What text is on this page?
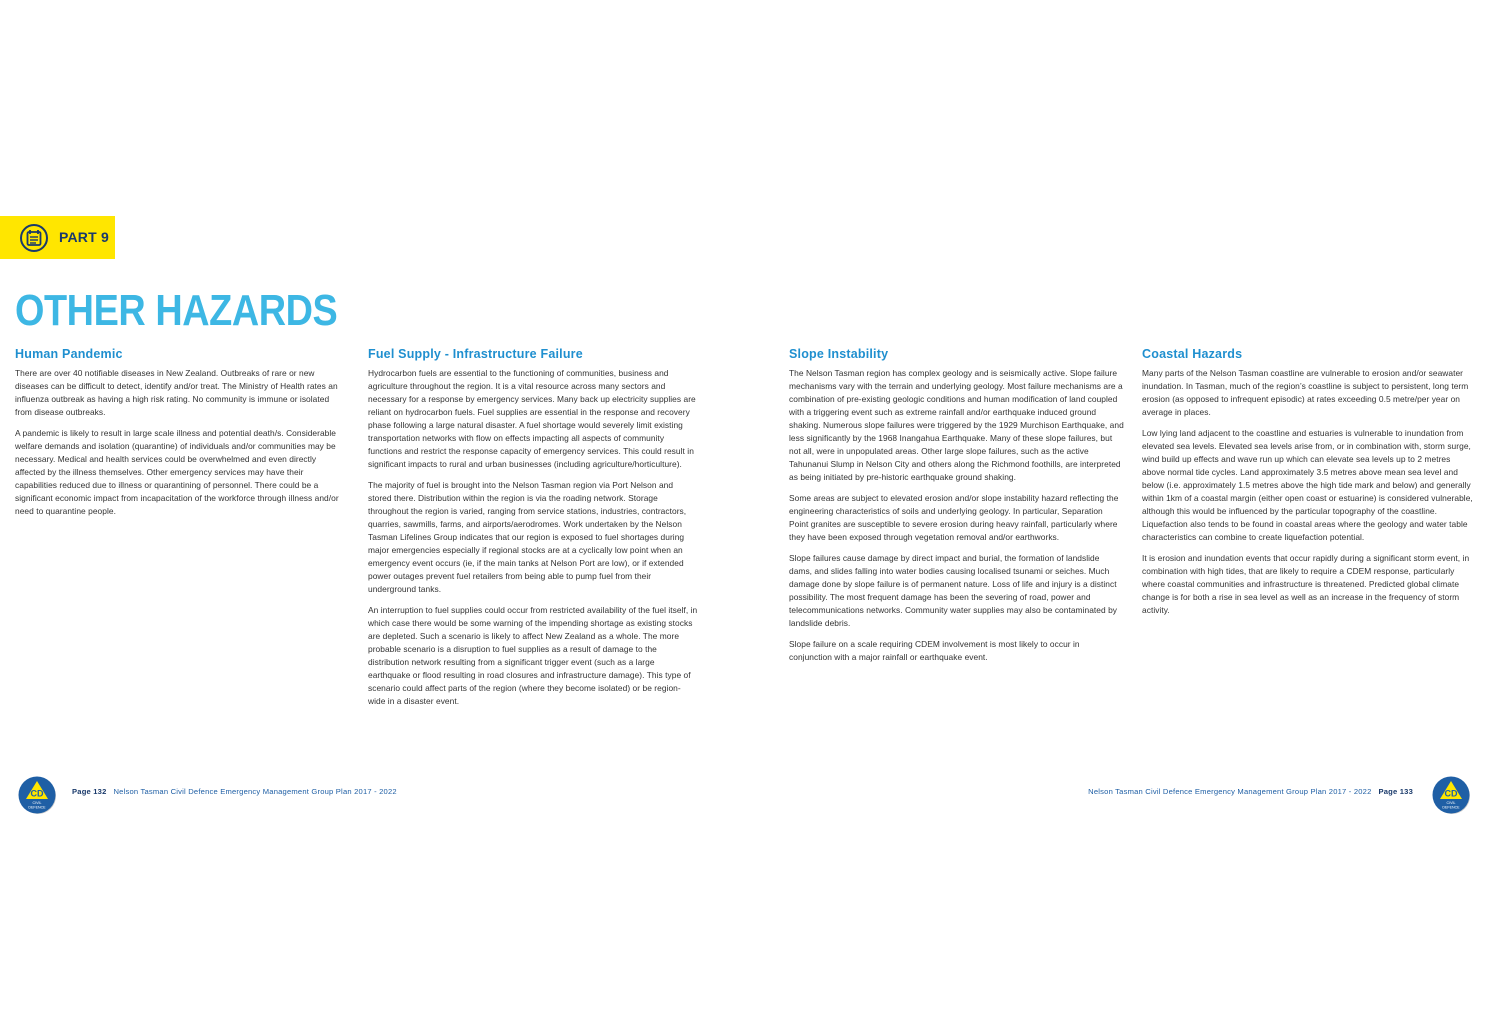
PART 9
OTHER HAZARDS
Human Pandemic

There are over 40 notifiable diseases in New Zealand. Outbreaks of rare or new diseases can be difficult to detect, identify and/or treat. The Ministry of Health rates an influenza outbreak as having a high risk rating. No community is immune or isolated from disease outbreaks.

A pandemic is likely to result in large scale illness and potential death/s. Considerable welfare demands and isolation (quarantine) of individuals and/or communities may be necessary. Medical and health services could be overwhelmed and even directly affected by the illness themselves. Other emergency services may have their capabilities reduced due to illness or quarantining of personnel. There could be a significant economic impact from incapacitation of the workforce through illness and/or need to quarantine people.

Fuel Supply - Infrastructure Failure

Hydrocarbon fuels are essential to the functioning of communities, business and agriculture throughout the region. It is a vital resource across many sectors and necessary for a response by emergency services. Many back up electricity supplies are reliant on hydrocarbon fuels. Fuel supplies are essential in the response and recovery phase following a large natural disaster. A fuel shortage would severely limit existing transportation networks with flow on effects impacting all aspects of community functions and restrict the response capacity of emergency services. This could result in significant impacts to rural and urban businesses (including agriculture/horticulture).

The majority of fuel is brought into the Nelson Tasman region via Port Nelson and stored there. Distribution within the region is via the roading network. Storage throughout the region is varied, ranging from service stations, industries, contractors, quarries, sawmills, farms, and airports/aerodromes. Work undertaken by the Nelson Tasman Lifelines Group indicates that our region is exposed to fuel shortages during major emergencies especially if regional stocks are at a cyclically low point when an emergency event occurs (ie, if the main tanks at Nelson Port are low), or if extended power outages prevent fuel retailers from being able to pump fuel from their underground tanks.

An interruption to fuel supplies could occur from restricted availability of the fuel itself, in which case there would be some warning of the impending shortage as existing stocks are depleted. Such a scenario is likely to affect New Zealand as a whole. The more probable scenario is a disruption to fuel supplies as a result of damage to the distribution network resulting from a significant trigger event (such as a large earthquake or flood resulting in road closures and infrastructure damage). This type of scenario could affect parts of the region (where they become isolated) or be region-wide in a disaster event.

Slope Instability

The Nelson Tasman region has complex geology and is seismically active. Slope failure mechanisms vary with the terrain and underlying geology. Most failure mechanisms are a combination of pre-existing geologic conditions and human modification of land coupled with a triggering event such as extreme rainfall and/or earthquake induced ground shaking. Numerous slope failures were triggered by the 1929 Murchison Earthquake, and less significantly by the 1968 Inangahua Earthquake. Many of these slope failures, but not all, were in unpopulated areas. Other large slope failures, such as the active Tahunanui Slump in Nelson City and others along the Richmond foothills, are interpreted as being initiated by pre-historic earthquake ground shaking.

Some areas are subject to elevated erosion and/or slope instability hazard reflecting the engineering characteristics of soils and underlying geology. In particular, Separation Point granites are susceptible to severe erosion during heavy rainfall, particularly where they have been exposed through vegetation removal and/or earthworks.

Slope failures cause damage by direct impact and burial, the formation of landslide dams, and slides falling into water bodies causing localised tsunami or seiches. Much damage done by slope failure is of permanent nature. Loss of life and injury is a distinct possibility. The most frequent damage has been the severing of road, power and telecommunications networks. Community water supplies may also be contaminated by landslide debris.

Slope failure on a scale requiring CDEM involvement is most likely to occur in conjunction with a major rainfall or earthquake event.

Coastal Hazards

Many parts of the Nelson Tasman coastline are vulnerable to erosion and/or seawater inundation. In Tasman, much of the region’s coastline is subject to persistent, long term erosion (as opposed to infrequent episodic) at rates exceeding 0.5 metre/per year on average in places.

Low lying land adjacent to the coastline and estuaries is vulnerable to inundation from elevated sea levels. Elevated sea levels arise from, or in combination with, storm surge, wind build up effects and wave run up which can elevate sea levels up to 2 metres above normal tide cycles. Land approximately 3.5 metres above mean sea level and below (i.e. approximately 1.5 metres above the high tide mark and below) and generally within 1km of a coastal margin (either open coast or estuarine) is considered vulnerable, although this would be influenced by the particular topography of the coastline. Liquefaction also tends to be found in coastal areas where the geology and water table characteristics can combine to create liquefaction potential.

It is erosion and inundation events that occur rapidly during a significant storm event, in combination with high tides, that are likely to require a CDEM response, particularly where coastal communities and infrastructure is threatened. Predicted global climate change is for both a rise in sea level as well as an increase in the frequency of storm activity.

CD
CIVIL
DEFENCE
Page 132 Nelson Tasman Civil Defence Emergency Management Group Plan 2017 - 2022	Nelson Tasman Civil Defence Emergency Management Group Plan 2017 - 2022 Page 133	CD
CIVIL
DEFENCE
